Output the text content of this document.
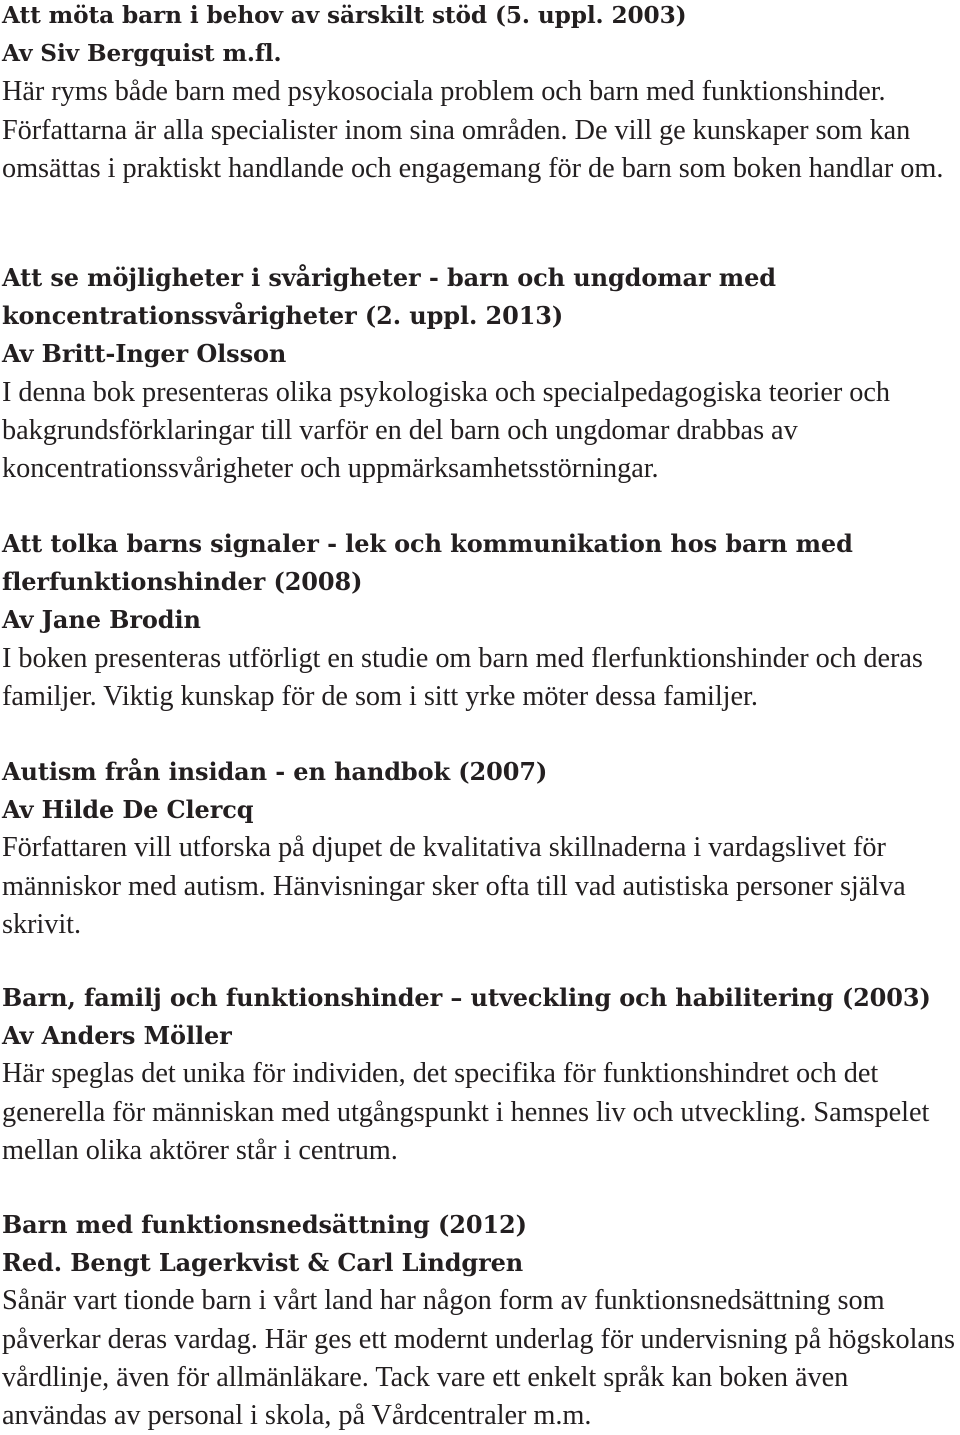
Att möta barn i behov av särskilt stöd (5. uppl. 2003)
Av Siv Bergquist m.fl.

Här ryms både barn med psykosociala problem och barn med funktionshinder. Författarna är alla specialister inom sina områden. De vill ge kunskaper som kan omsättas i praktiskt handlande och engagemang för de barn som boken handlar om.

Att se möjligheter i svårigheter - barn och ungdomar med koncentrationssvårigheter (2. uppl. 2013)
Av Britt-Inger Olsson

I denna bok presenteras olika psykologiska och specialpedagogiska teorier och bakgrundsförklaringar till varför en del barn och ungdomar drabbas av koncentrationssvårigheter och uppmärksamhetsstörningar.

Att tolka barns signaler - lek och kommunikation hos barn med flerfunktionshinder (2008)
Av Jane Brodin

I boken presenteras utförligt en studie om barn med flerfunktionshinder och deras familjer. Viktig kunskap för de som i sitt yrke möter dessa familjer.

Autism från insidan - en handbok (2007)
Av Hilde De Clercq

Författaren vill utforska på djupet de kvalitativa skillnaderna i vardagslivet för människor med autism. Hänvisningar sker ofta till vad autistiska personer själva skrivit.

Barn, familj och funktionshinder – utveckling och habilitering (2003)
Av Anders Möller

Här speglas det unika för individen, det specifika för funktionshindret och det generella för människan med utgångspunkt i hennes liv och utveckling. Samspelet mellan olika aktörer står i centrum.

Barn med funktionsnedsättning (2012)
Red. Bengt Lagerkvist & Carl Lindgren

Sånär vart tionde barn i vårt land har någon form av funktionsnedsättning som påverkar deras vardag. Här ges ett modernt underlag för undervisning på högskolans vårdlinje, även för allmänläkare. Tack vare ett enkelt språk kan boken även användas av personal i skola, på Vårdcentraler m.m.
